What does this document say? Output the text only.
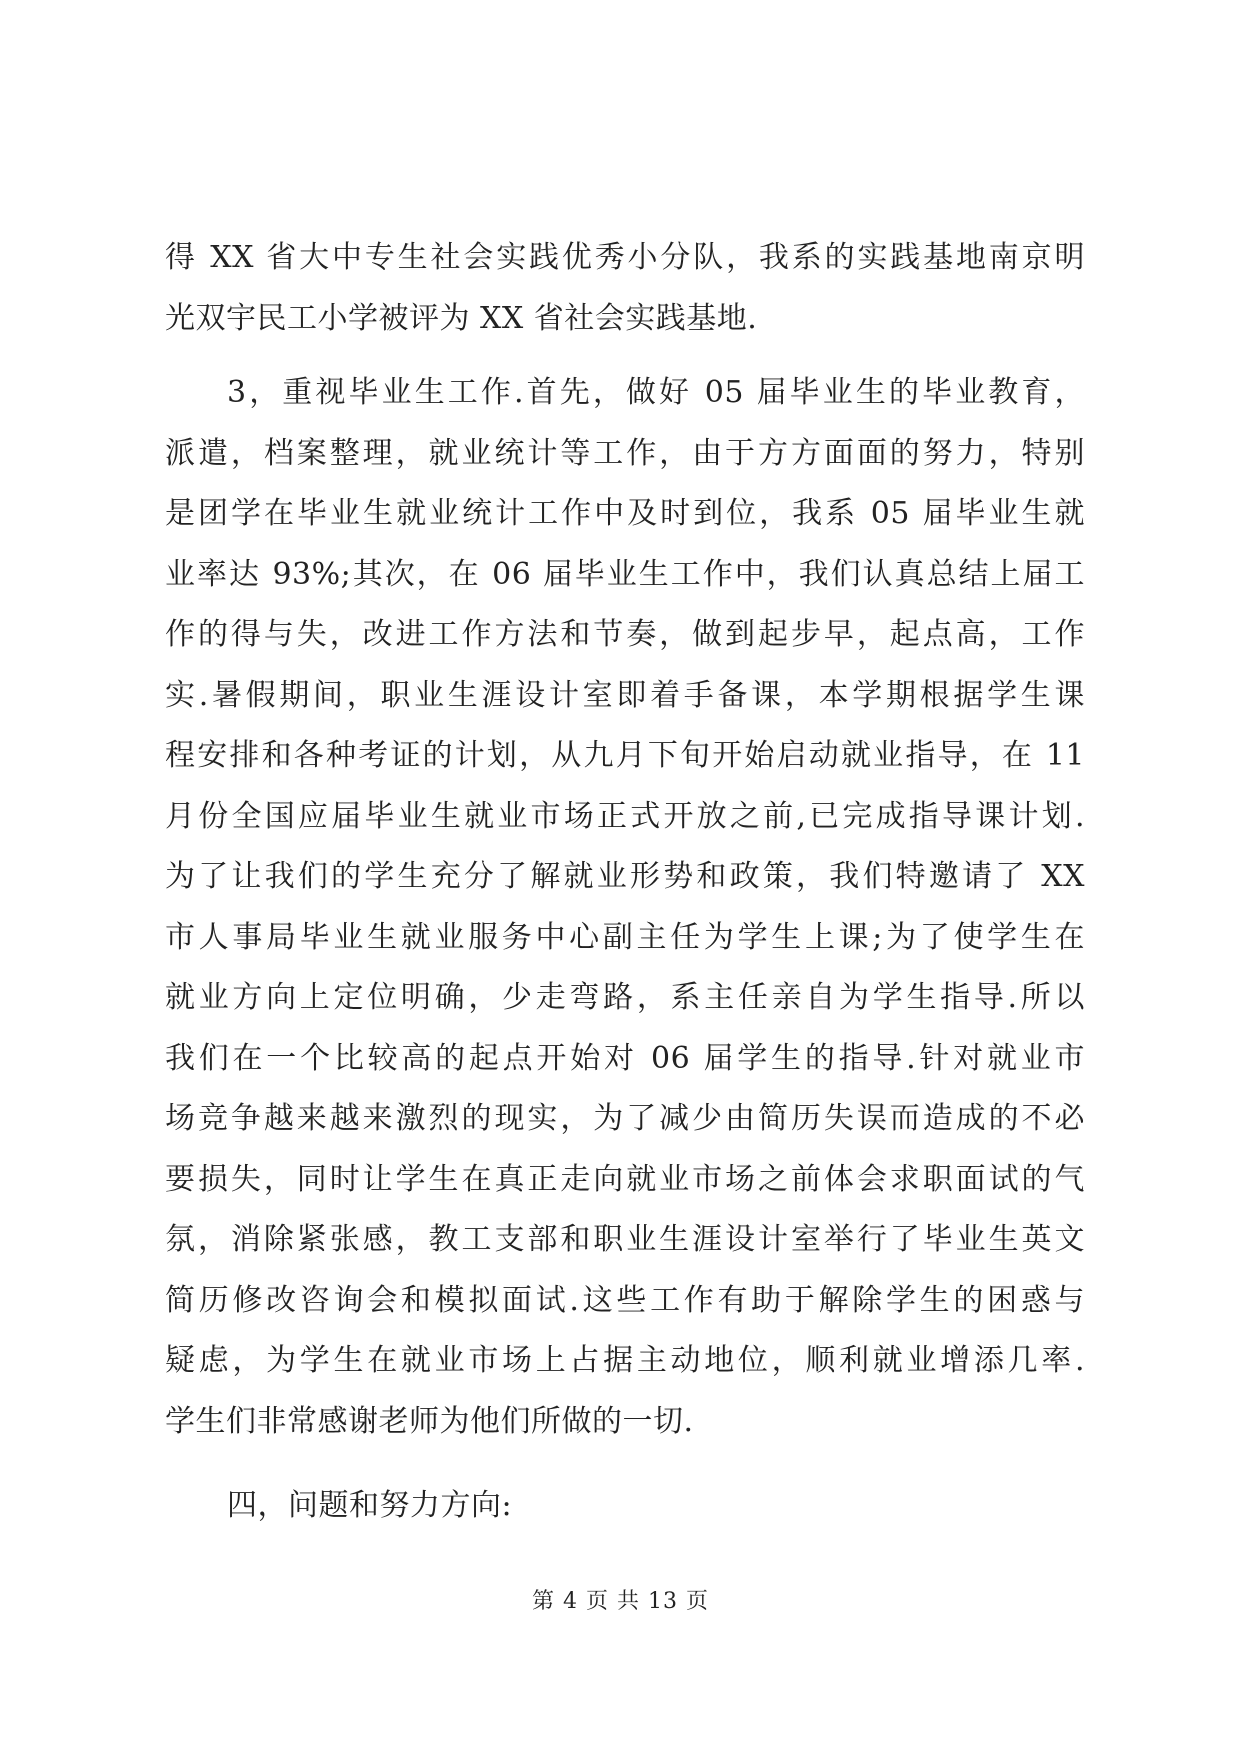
得 XX 省大中专生社会实践优秀小分队，我系的实践基地南京明
光双宇民工小学被评为 XX 省社会实践基地.
3，重视毕业生工作.首先，做好 05 届毕业生的毕业教育，
派遣，档案整理，就业统计等工作，由于方方面面的努力，特别
是团学在毕业生就业统计工作中及时到位，我系 05 届毕业生就
业率达 93%;其次，在 06 届毕业生工作中，我们认真总结上届工
作的得与失，改进工作方法和节奏，做到起步早，起点高，工作
实.暑假期间，职业生涯设计室即着手备课，本学期根据学生课
程安排和各种考证的计划，从九月下旬开始启动就业指导，在 11
月份全国应届毕业生就业市场正式开放之前,已完成指导课计划.
为了让我们的学生充分了解就业形势和政策，我们特邀请了 XX
市人事局毕业生就业服务中心副主任为学生上课;为了使学生在
就业方向上定位明确，少走弯路，系主任亲自为学生指导.所以
我们在一个比较高的起点开始对 06 届学生的指导.针对就业市
场竞争越来越来激烈的现实，为了减少由简历失误而造成的不必
要损失，同时让学生在真正走向就业市场之前体会求职面试的气
氛，消除紧张感，教工支部和职业生涯设计室举行了毕业生英文
简历修改咨询会和模拟面试.这些工作有助于解除学生的困惑与
疑虑，为学生在就业市场上占据主动地位，顺利就业增添几率.
学生们非常感谢老师为他们所做的一切.
四，问题和努力方向:
第 4 页 共 13 页
